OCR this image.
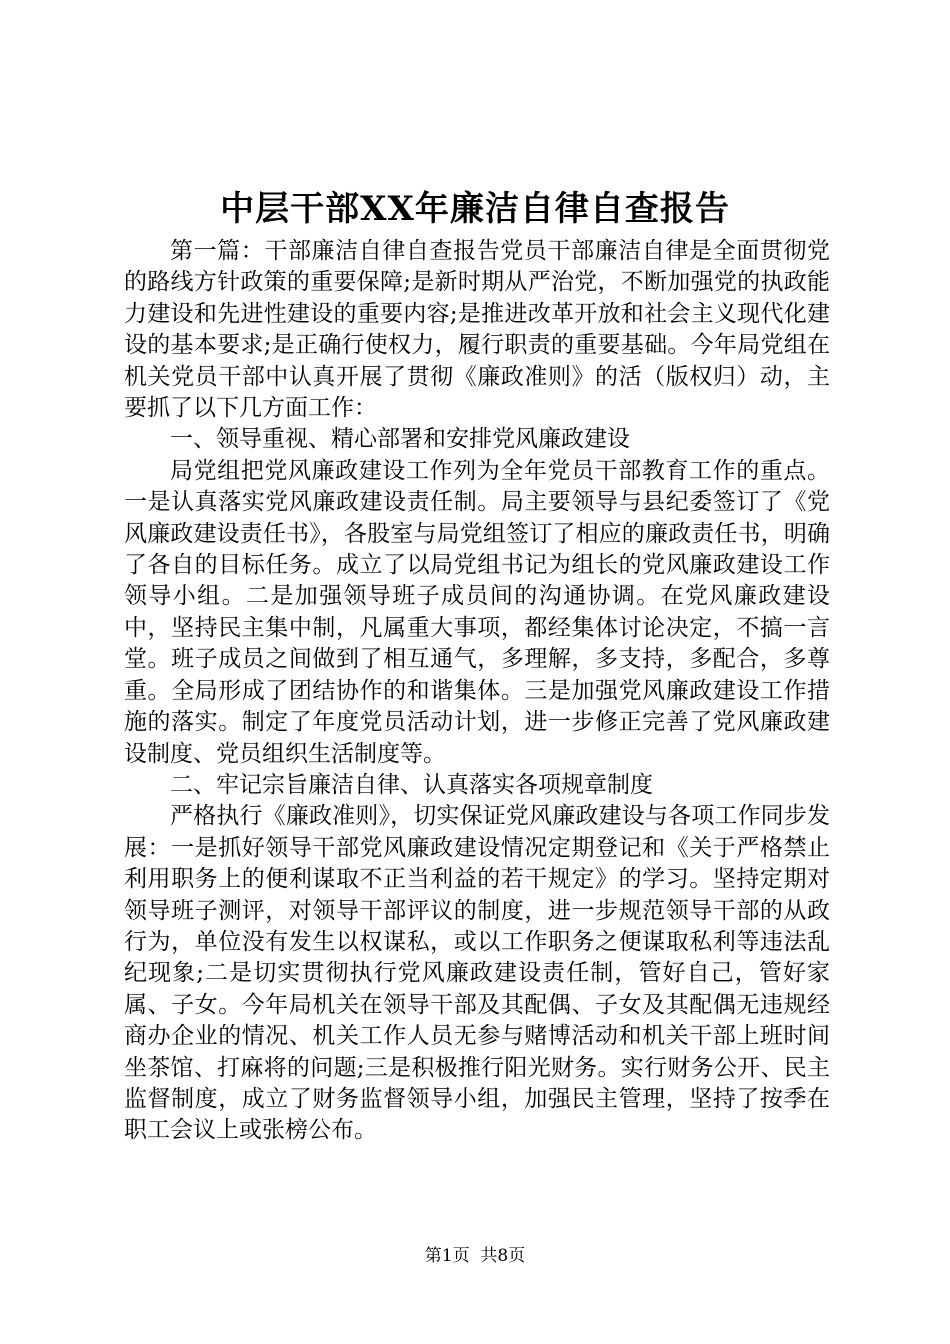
中层干部XX年廉洁自律自查报告

第一篇：干部廉洁自律自查报告党员干部廉洁自律是全面贯彻党的路线方针政策的重要保障;是新时期从严治党，不断加强党的执政能力建设和先进性建设的重要内容;是推进改革开放和社会主义现代化建设的基本要求;是正确行使权力，履行职责的重要基础。今年局党组在机关党员干部中认真开展了贯彻《廉政准则》的活（版权归）动，主要抓了以下几方面工作：

一、领导重视、精心部署和安排党风廉政建设

局党组把党风廉政建设工作列为全年党员干部教育工作的重点。一是认真落实党风廉政建设责任制。局主要领导与县纪委签订了《党风廉政建设责任书》，各股室与局党组签订了相应的廉政责任书，明确了各自的目标任务。成立了以局党组书记为组长的党风廉政建设工作领导小组。二是加强领导班子成员间的沟通协调。在党风廉政建设中，坚持民主集中制，凡属重大事项，都经集体讨论决定，不搞一言堂。班子成员之间做到了相互通气，多理解，多支持，多配合，多尊重。全局形成了团结协作的和谐集体。三是加强党风廉政建设工作措施的落实。制定了年度党员活动计划，进一步修正完善了党风廉政建设制度、党员组织生活制度等。

二、牢记宗旨廉洁自律、认真落实各项规章制度

严格执行《廉政准则》，切实保证党风廉政建设与各项工作同步发展：一是抓好领导干部党风廉政建设情况定期登记和《关于严格禁止利用职务上的便利谋取不正当利益的若干规定》的学习。坚持定期对领导班子测评，对领导干部评议的制度，进一步规范领导干部的从政行为，单位没有发生以权谋私，或以工作职务之便谋取私利等违法乱纪现象;二是切实贯彻执行党风廉政建设责任制，管好自己，管好家属、子女。今年局机关在领导干部及其配偶、子女及其配偶无违规经商办企业的情况、机关工作人员无参与赌博活动和机关干部上班时间坐茶馆、打麻将的问题;三是积极推行阳光财务。实行财务公开、民主监督制度，成立了财务监督领导小组，加强民主管理，坚持了按季在职工会议上或张榜公布。

第1页 共8页
